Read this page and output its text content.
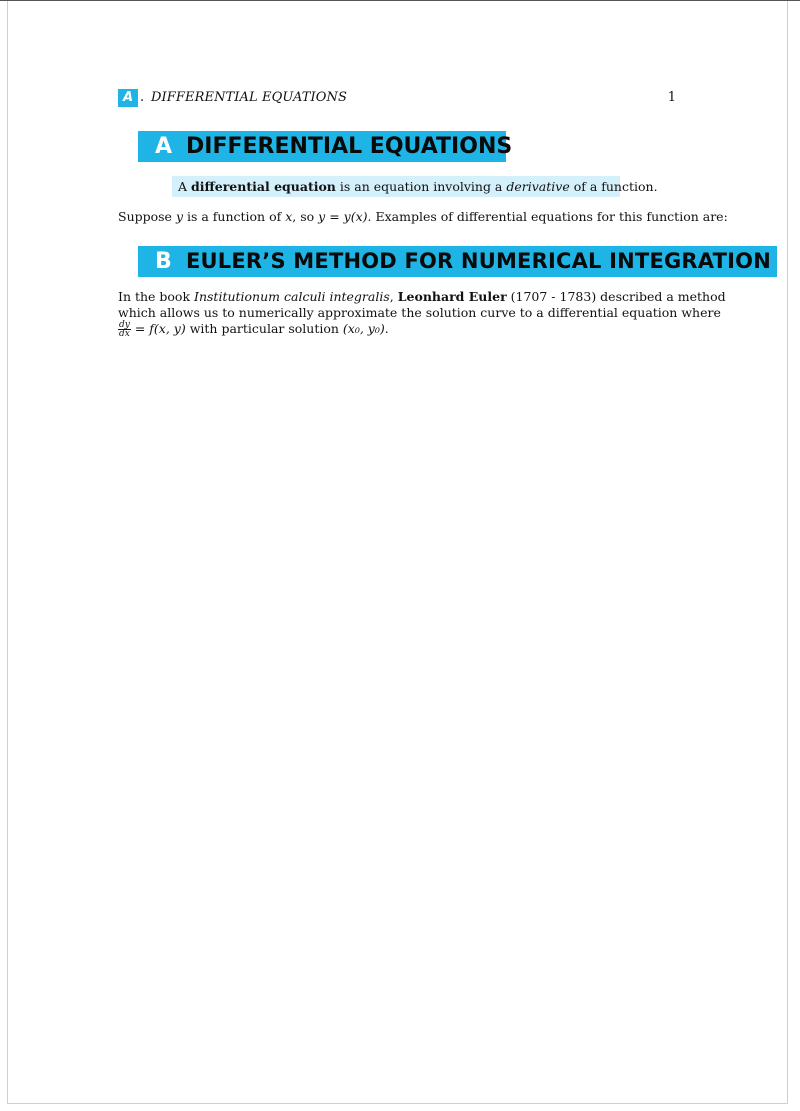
A . DIFFERENTIAL EQUATIONS	1
A DIFFERENTIAL EQUATIONS
A differential equation is an equation involving a derivative of a function.
Suppose y is a function of x, so y = y(x). Examples of differential equations for this function are:
B EULER’S METHOD FOR NUMERICAL INTEGRATION
In the book Institutionum calculi integralis, Leonhard Euler (1707 - 1783) described a method
which allows us to numerically approximate the solution curve to a differential equation where
$\frac{dy}{dx} = f(x$, y) with particular solution (x₀, y₀).
